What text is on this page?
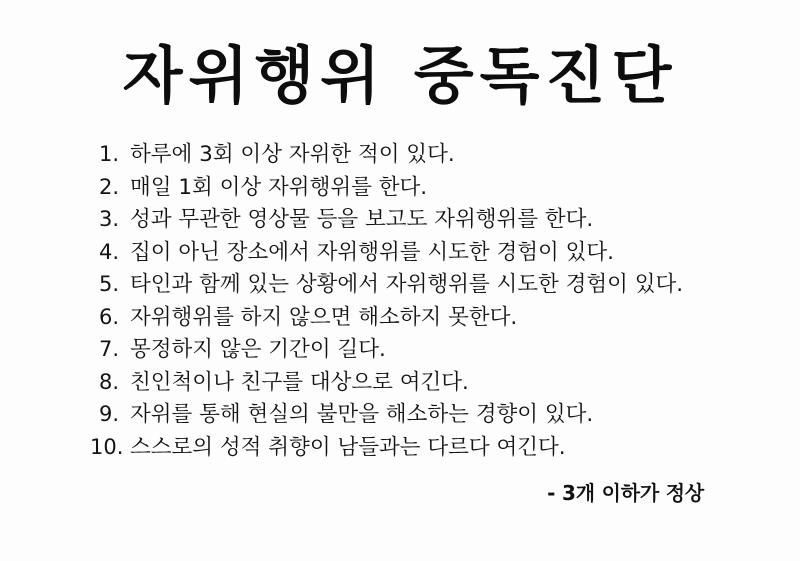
자위행위 중독진단
1. 하루에 3회 이상 자위한 적이 있다.
2. 매일 1회 이상 자위행위를 한다.
3. 성과 무관한 영상물 등을 보고도 자위행위를 한다.
4. 집이 아닌 장소에서 자위행위를 시도한 경험이 있다.
5. 타인과 함께 있는 상황에서 자위행위를 시도한 경험이 있다.
6. 자위행위를 하지 않으면 해소하지 못한다.
7. 몽정하지 않은 기간이 길다.
8. 친인척이나 친구를 대상으로 여긴다.
9. 자위를 통해 현실의 불만을 해소하는 경향이 있다.
10. 스스로의 성적 취향이 남들과는 다르다 여긴다.
- 3개 이하가 정상
